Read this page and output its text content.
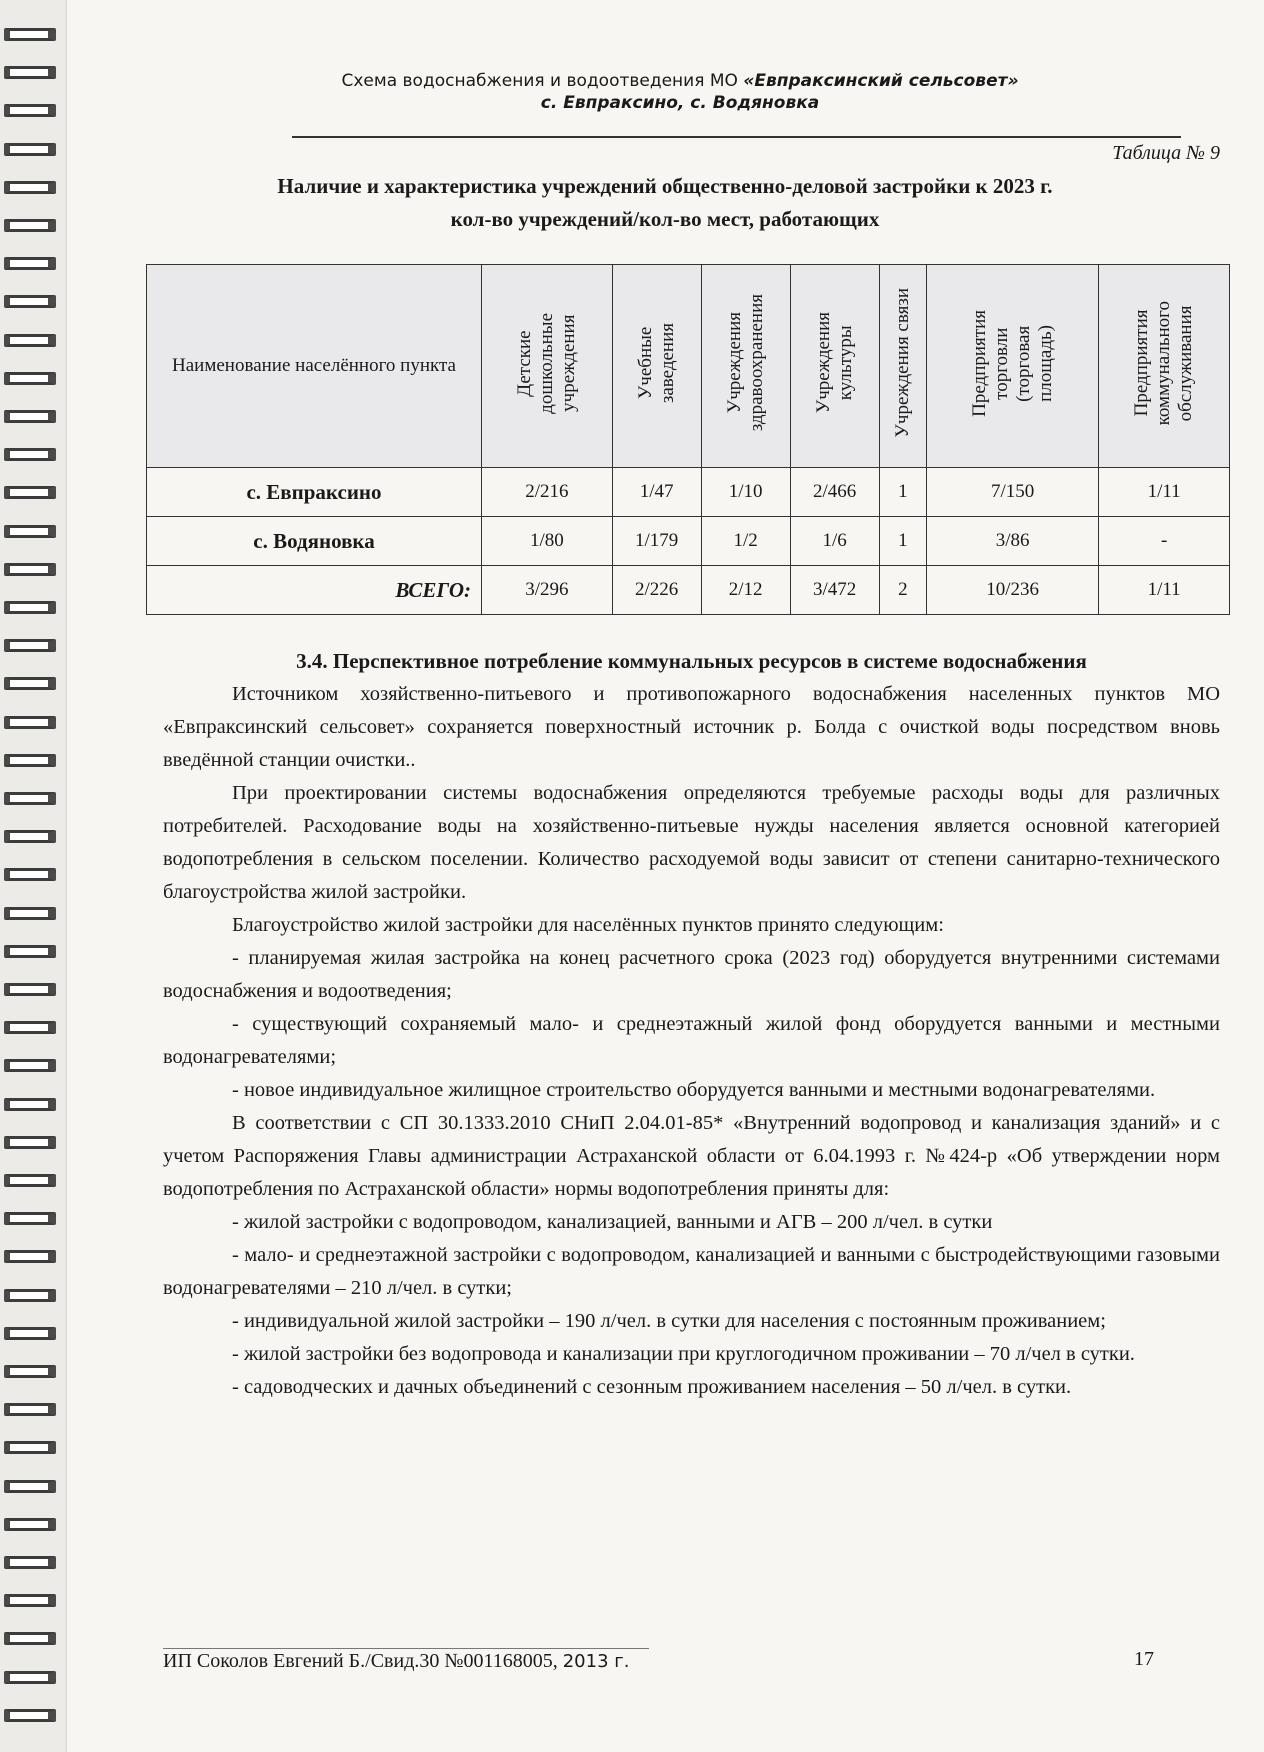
Схема водоснабжения и водоотведения МО «Евпраксинский сельсовет»
с. Евпраксино, с. Водяновка
Таблица № 9
Наличие и характеристика учреждений общественно-деловой застройки к 2023 г.
кол-во учреждений/кол-во мест, работающих
Наименование населённого пункта	Детские
дошкольные
учреждения	Учебные
заведения	Учреждения
здравоохранения	Учреждения
культуры	Учреждения связи	Предприятия
торговли
(торговая
площадь)	Предприятия
коммунального
обслуживания
с. Евпраксино	2/216	1/47	1/10	2/466	1	7/150	1/11
с. Водяновка	1/80	1/179	1/2	1/6	1	3/86	-
ВСЕГО:	3/296	2/226	2/12	3/472	2	10/236	1/11
3.4. Перспективное потребление коммунальных ресурсов в системе водоснабжения

Источником хозяйственно-питьевого и противопожарного водоснабжения населенных пунктов МО «Евпраксинский сельсовет» сохраняется поверхностный источник р. Болда с очисткой воды посредством вновь введённой станции очистки..

При проектировании системы водоснабжения определяются требуемые расходы воды для различных потребителей. Расходование воды на хозяйственно-питьевые нужды населения является основной категорией водопотребления в сельском поселении. Количество расходуемой воды зависит от степени санитарно-технического благоустройства жилой застройки.

Благоустройство жилой застройки для населённых пунктов принято следующим:

- планируемая жилая застройка на конец расчетного срока (2023 год) оборудуется внутренними системами водоснабжения и водоотведения;

- существующий сохраняемый мало- и среднеэтажный жилой фонд оборудуется ванными и местными водонагревателями;

- новое индивидуальное жилищное строительство оборудуется ванными и местными водонагревателями.

В соответствии с СП 30.1333.2010 СНиП 2.04.01-85* «Внутренний водопровод и канализация зданий» и с учетом Распоряжения Главы администрации Астраханской области от 6.04.1993 г. №424-р «Об утверждении норм водопотребления по Астраханской области» нормы водопотребления приняты для:

- жилой застройки с водопроводом, канализацией, ванными и АГВ – 200 л/чел. в сутки

- мало- и среднеэтажной застройки с водопроводом, канализацией и ванными с быстродействующими газовыми водонагревателями – 210 л/чел. в сутки;

- индивидуальной жилой застройки – 190 л/чел. в сутки для населения с постоянным проживанием;

- жилой застройки без водопровода и канализации при круглогодичном проживании – 70 л/чел в сутки.

- садоводческих и дачных объединений с сезонным проживанием населения – 50 л/чел. в сутки.

ИП Соколов Евгений Б./Свид.30 №001168005, 2013 г.	17
